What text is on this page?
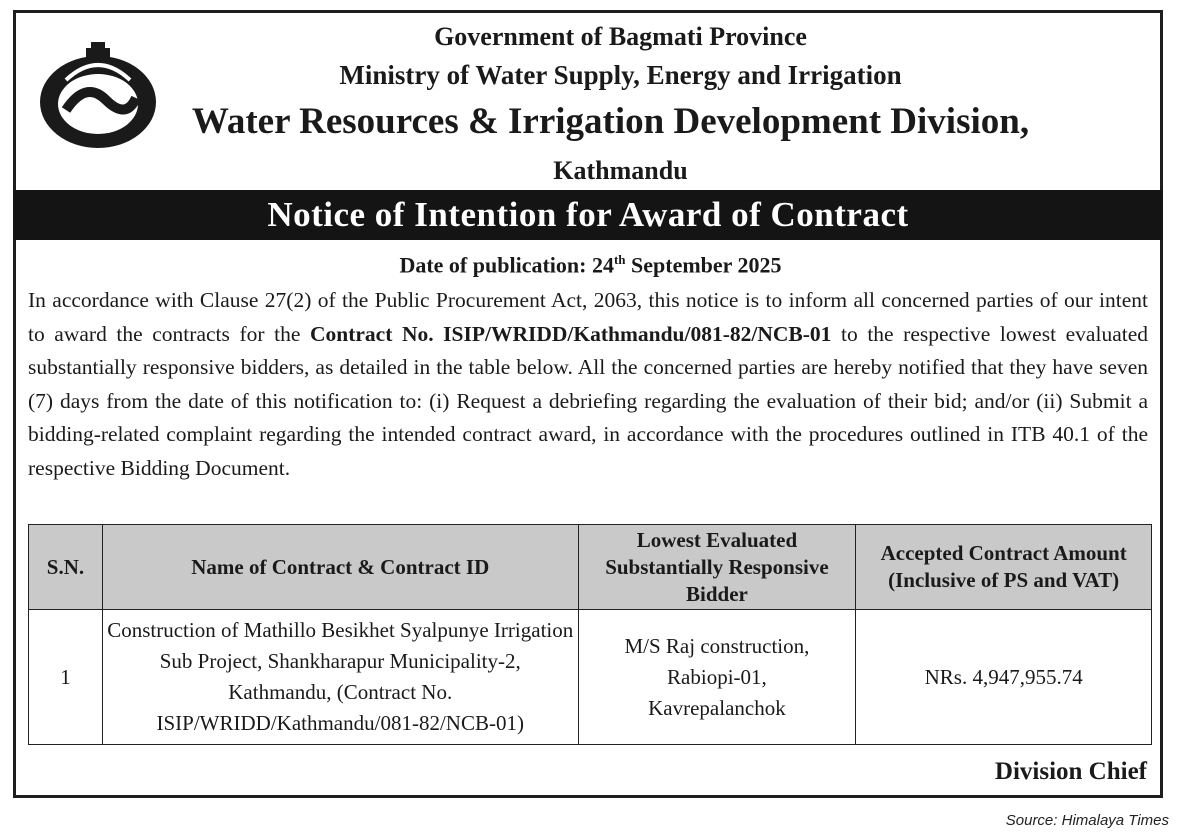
Government of Bagmati Province
Ministry of Water Supply, Energy and Irrigation
Water Resources & Irrigation Development Division,
Kathmandu
Notice of Intention for Award of Contract
Date of publication: 24th September 2025
In accordance with Clause 27(2) of the Public Procurement Act, 2063, this notice is to inform all concerned parties of our intent to award the contracts for the Contract No. ISIP/WRIDD/Kathmandu/081-82/NCB-01 to the respective lowest evaluated substantially responsive bidders, as detailed in the table below. All the concerned parties are hereby notified that they have seven (7) days from the date of this notification to: (i) Request a debriefing regarding the evaluation of their bid; and/or (ii) Submit a bidding-related complaint regarding the intended contract award, in accordance with the procedures outlined in ITB 40.1 of the respective Bidding Document.
S.N.	Name of Contract & Contract ID	Lowest Evaluated Substantially Responsive Bidder	Accepted Contract Amount (Inclusive of PS and VAT)
1	Construction of Mathillo Besikhet Syalpunye Irrigation Sub Project, Shankharapur Municipality-2, Kathmandu, (Contract No. ISIP/WRIDD/Kathmandu/081-82/NCB-01)	M/S Raj construction, Rabiopi-01, Kavrepalanchok	NRs. 4,947,955.74
Division Chief
Source: Himalaya Times
